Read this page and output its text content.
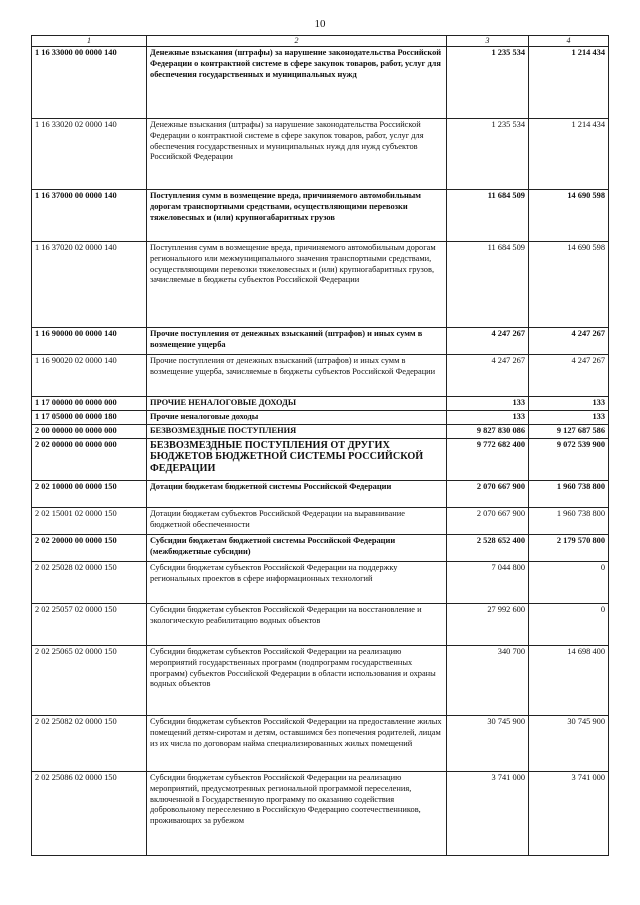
10
1	2	3	4
1 16 33000 00 0000 140	Денежные взыскания (штрафы) за нарушение законодательства Российской Федерации о контрактной системе в сфере закупок товаров, работ, услуг для обеспечения государственных и муниципальных нужд	1 235 534	1 214 434
1 16 33020 02 0000 140	Денежные взыскания (штрафы) за нарушение законодательства Российской Федерации о контрактной системе в сфере закупок товаров, работ, услуг для обеспечения государственных и муниципальных нужд для нужд субъектов Российской Федерации	1 235 534	1 214 434
1 16 37000 00 0000 140	Поступления сумм в возмещение вреда, причиняемого автомобильным дорогам транспортными средствами, осуществляющими перевозки тяжеловесных и (или) крупногабаритных грузов	11 684 509	14 690 598
1 16 37020 02 0000 140	Поступления сумм в возмещение вреда, причиняемого автомобильным дорогам регионального или межмуниципального значения транспортными средствами, осуществляющими перевозки тяжеловесных и (или) крупногабаритных грузов, зачисляемые в бюджеты субъектов Российской Федерации	11 684 509	14 690 598
1 16 90000 00 0000 140	Прочие поступления от денежных взысканий (штрафов) и иных сумм в возмещение ущерба	4 247 267	4 247 267
1 16 90020 02 0000 140	Прочие поступления от денежных взысканий (штрафов) и иных сумм в возмещение ущерба, зачисляемые в бюджеты субъектов Российской Федерации	4 247 267	4 247 267
1 17 00000 00 0000 000	ПРОЧИЕ НЕНАЛОГОВЫЕ ДОХОДЫ	133	133
1 17 05000 00 0000 180	Прочие неналоговые доходы	133	133
2 00 00000 00 0000 000	БЕЗВОЗМЕЗДНЫЕ ПОСТУПЛЕНИЯ	9 827 830 086	9 127 687 586
2 02 00000 00 0000 000	БЕЗВОЗМЕЗДНЫЕ ПОСТУПЛЕНИЯ ОТ ДРУГИХ БЮДЖЕТОВ БЮДЖЕТНОЙ СИСТЕМЫ РОССИЙСКОЙ ФЕДЕРАЦИИ	9 772 682 400	9 072 539 900
2 02 10000 00 0000 150	Дотации бюджетам бюджетной системы Российской Федерации	2 070 667 900	1 960 738 800
2 02 15001 02 0000 150	Дотации бюджетам субъектов Российской Федерации на выравнивание бюджетной обеспеченности	2 070 667 900	1 960 738 800
2 02 20000 00 0000 150	Субсидии бюджетам бюджетной системы Российской Федерации (межбюджетные субсидии)	2 528 652 400	2 179 570 800
2 02 25028 02 0000 150	Субсидии бюджетам субъектов Российской Федерации на поддержку региональных проектов в сфере информационных технологий	7 044 800	0
2 02 25057 02 0000 150	Субсидии бюджетам субъектов Российской Федерации на восстановление и экологическую реабилитацию водных объектов	27 992 600	0
2 02 25065 02 0000 150	Субсидии бюджетам субъектов Российской Федерации на реализацию мероприятий государственных программ (подпрограмм государственных программ) субъектов Российской Федерации в области использования и охраны водных объектов	340 700	14 698 400
2 02 25082 02 0000 150	Субсидии бюджетам субъектов Российской Федерации на предоставление жилых помещений детям-сиротам и детям, оставшимся без попечения родителей, лицам из их числа по договорам найма специализированных жилых помещений	30 745 900	30 745 900
2 02 25086 02 0000 150	Субсидии бюджетам субъектов Российской Федерации на реализацию мероприятий, предусмотренных региональной программой переселения, включенной в Государственную программу по оказанию содействия добровольному переселению в Российскую Федерацию соотечественников, проживающих за рубежом	3 741 000	3 741 000
